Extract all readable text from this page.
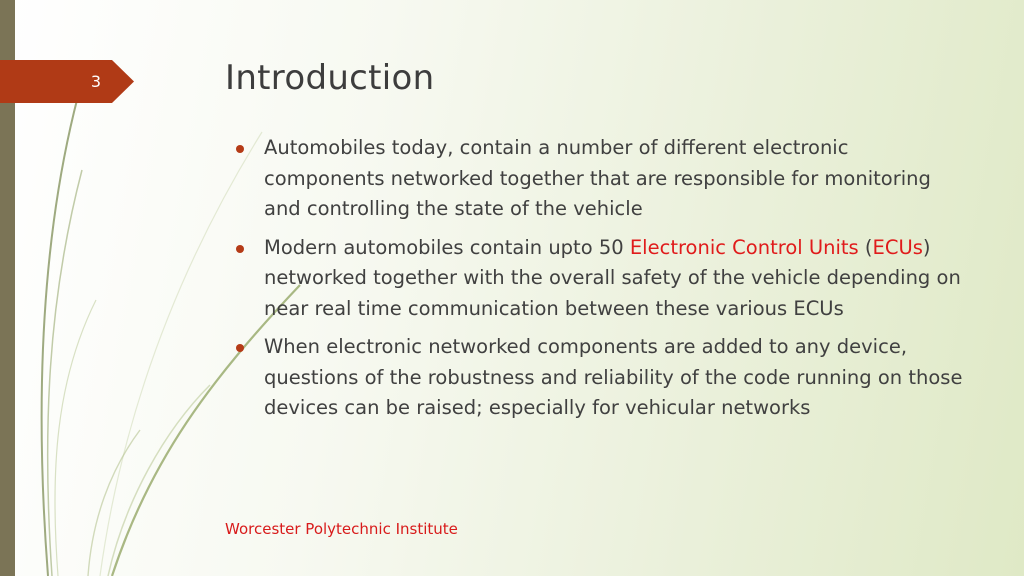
3	Introduction
Automobiles today, contain a number of different electronic components networked together that are responsible for monitoring and controlling the state of the vehicle
Modern automobiles contain upto 50 Electronic Control Units (ECUs) networked together with the overall safety of the vehicle depending on near real time communication between these various ECUs
When electronic networked components are added to any device, questions of the robustness and reliability of the code running on those devices can be raised; especially for vehicular networks
Worcester Polytechnic Institute
